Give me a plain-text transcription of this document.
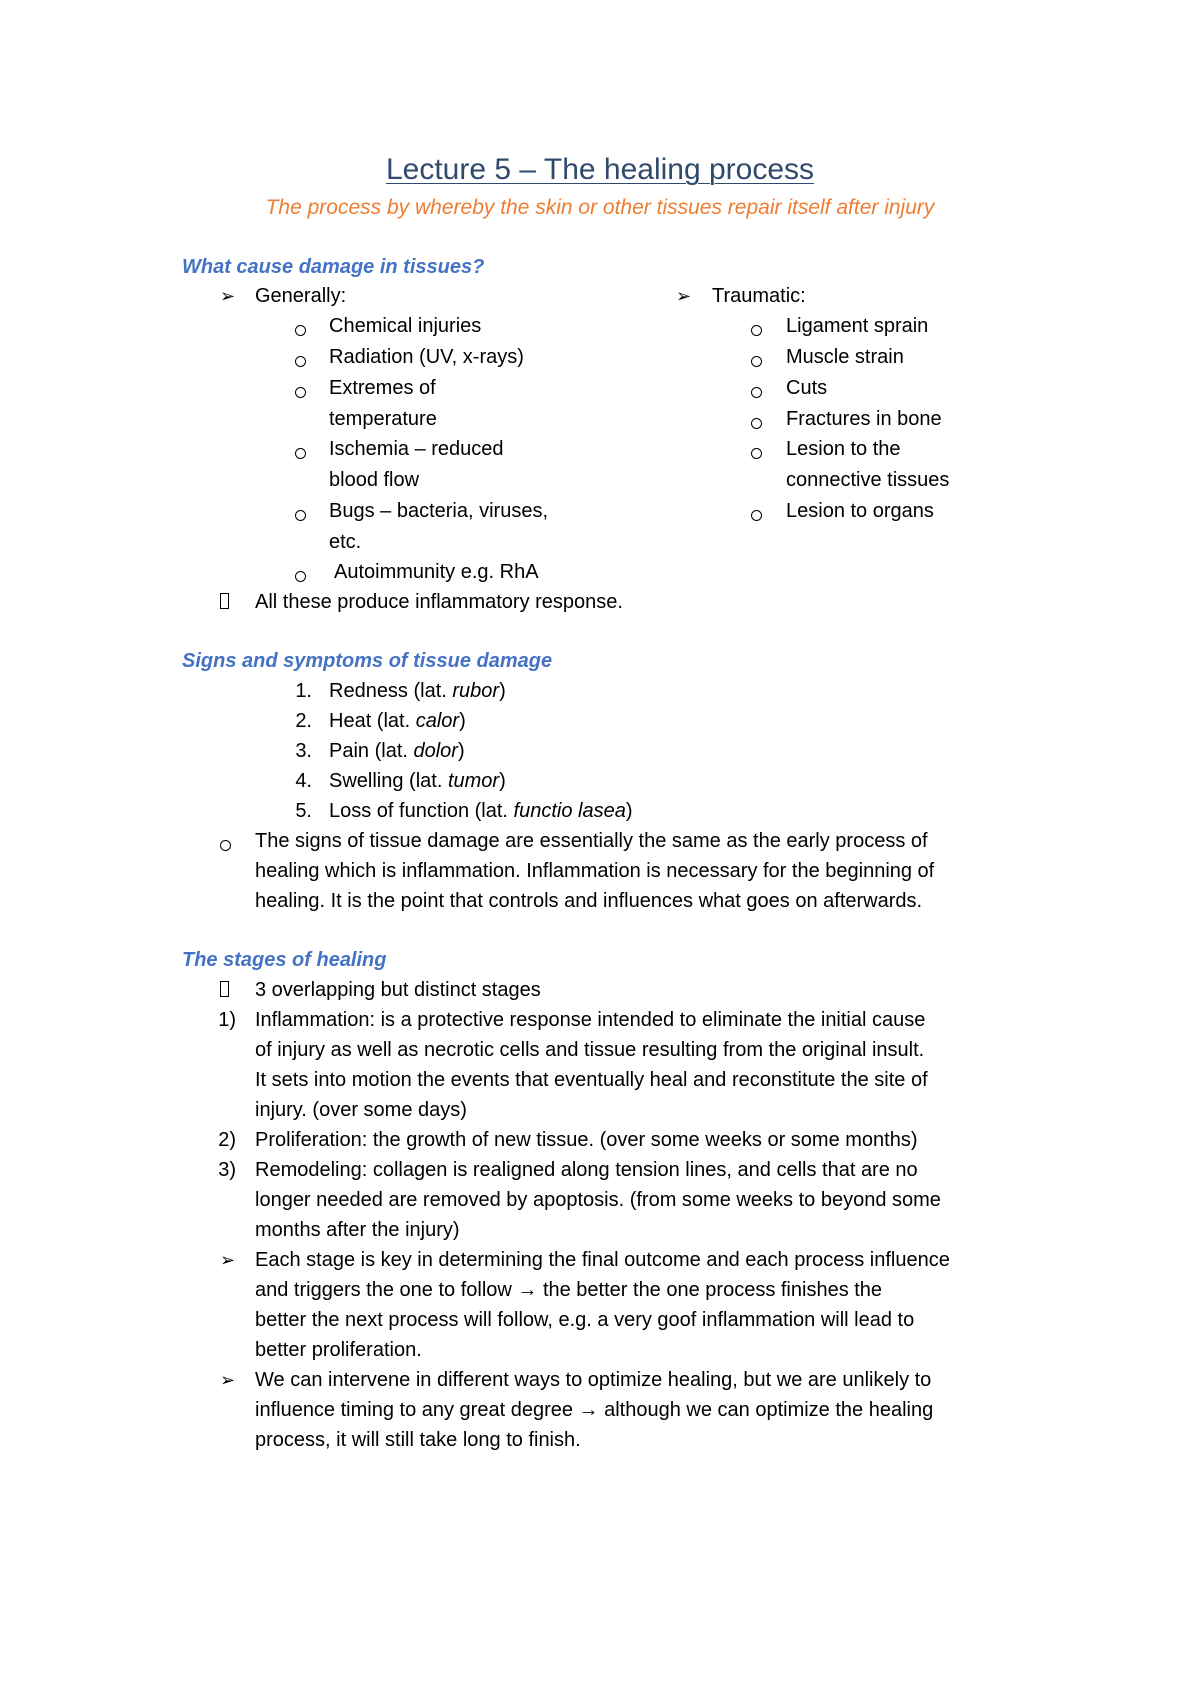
Lecture 5 – The healing process
The process by whereby the skin or other tissues repair itself after injury
What cause damage in tissues?
➢ Generally:
Chemical injuries
Radiation (UV, x-rays)
Extremes of
temperature
Ischemia – reduced
blood flow
Bugs – bacteria, viruses,
etc.
Autoimmunity e.g. RhA
➢ Traumatic:
Ligament sprain
Muscle strain
Cuts
Fractures in bone
Lesion to the
connective tissues
Lesion to organs
All these produce inflammatory response.
Signs and symptoms of tissue damage
1. Redness (lat. rubor)
2. Heat (lat. calor)
3. Pain (lat. dolor)
4. Swelling (lat. tumor)
5. Loss of function (lat. functio lasea)
The signs of tissue damage are essentially the same as the early process of
healing which is inflammation. Inflammation is necessary for the beginning of
healing. It is the point that controls and influences what goes on afterwards.
The stages of healing
3 overlapping but distinct stages
1) Inflammation: is a protective response intended to eliminate the initial cause
of injury as well as necrotic cells and tissue resulting from the original insult.
It sets into motion the events that eventually heal and reconstitute the site of
injury. (over some days)
2) Proliferation: the growth of new tissue. (over some weeks or some months)
3) Remodeling: collagen is realigned along tension lines, and cells that are no
longer needed are removed by apoptosis. (from some weeks to beyond some
months after the injury)
➢ Each stage is key in determining the final outcome and each process influence
and triggers the one to follow → the better the one process finishes the
better the next process will follow, e.g. a very goof inflammation will lead to
better proliferation.
➢ We can intervene in different ways to optimize healing, but we are unlikely to
influence timing to any great degree → although we can optimize the healing
process, it will still take long to finish.
